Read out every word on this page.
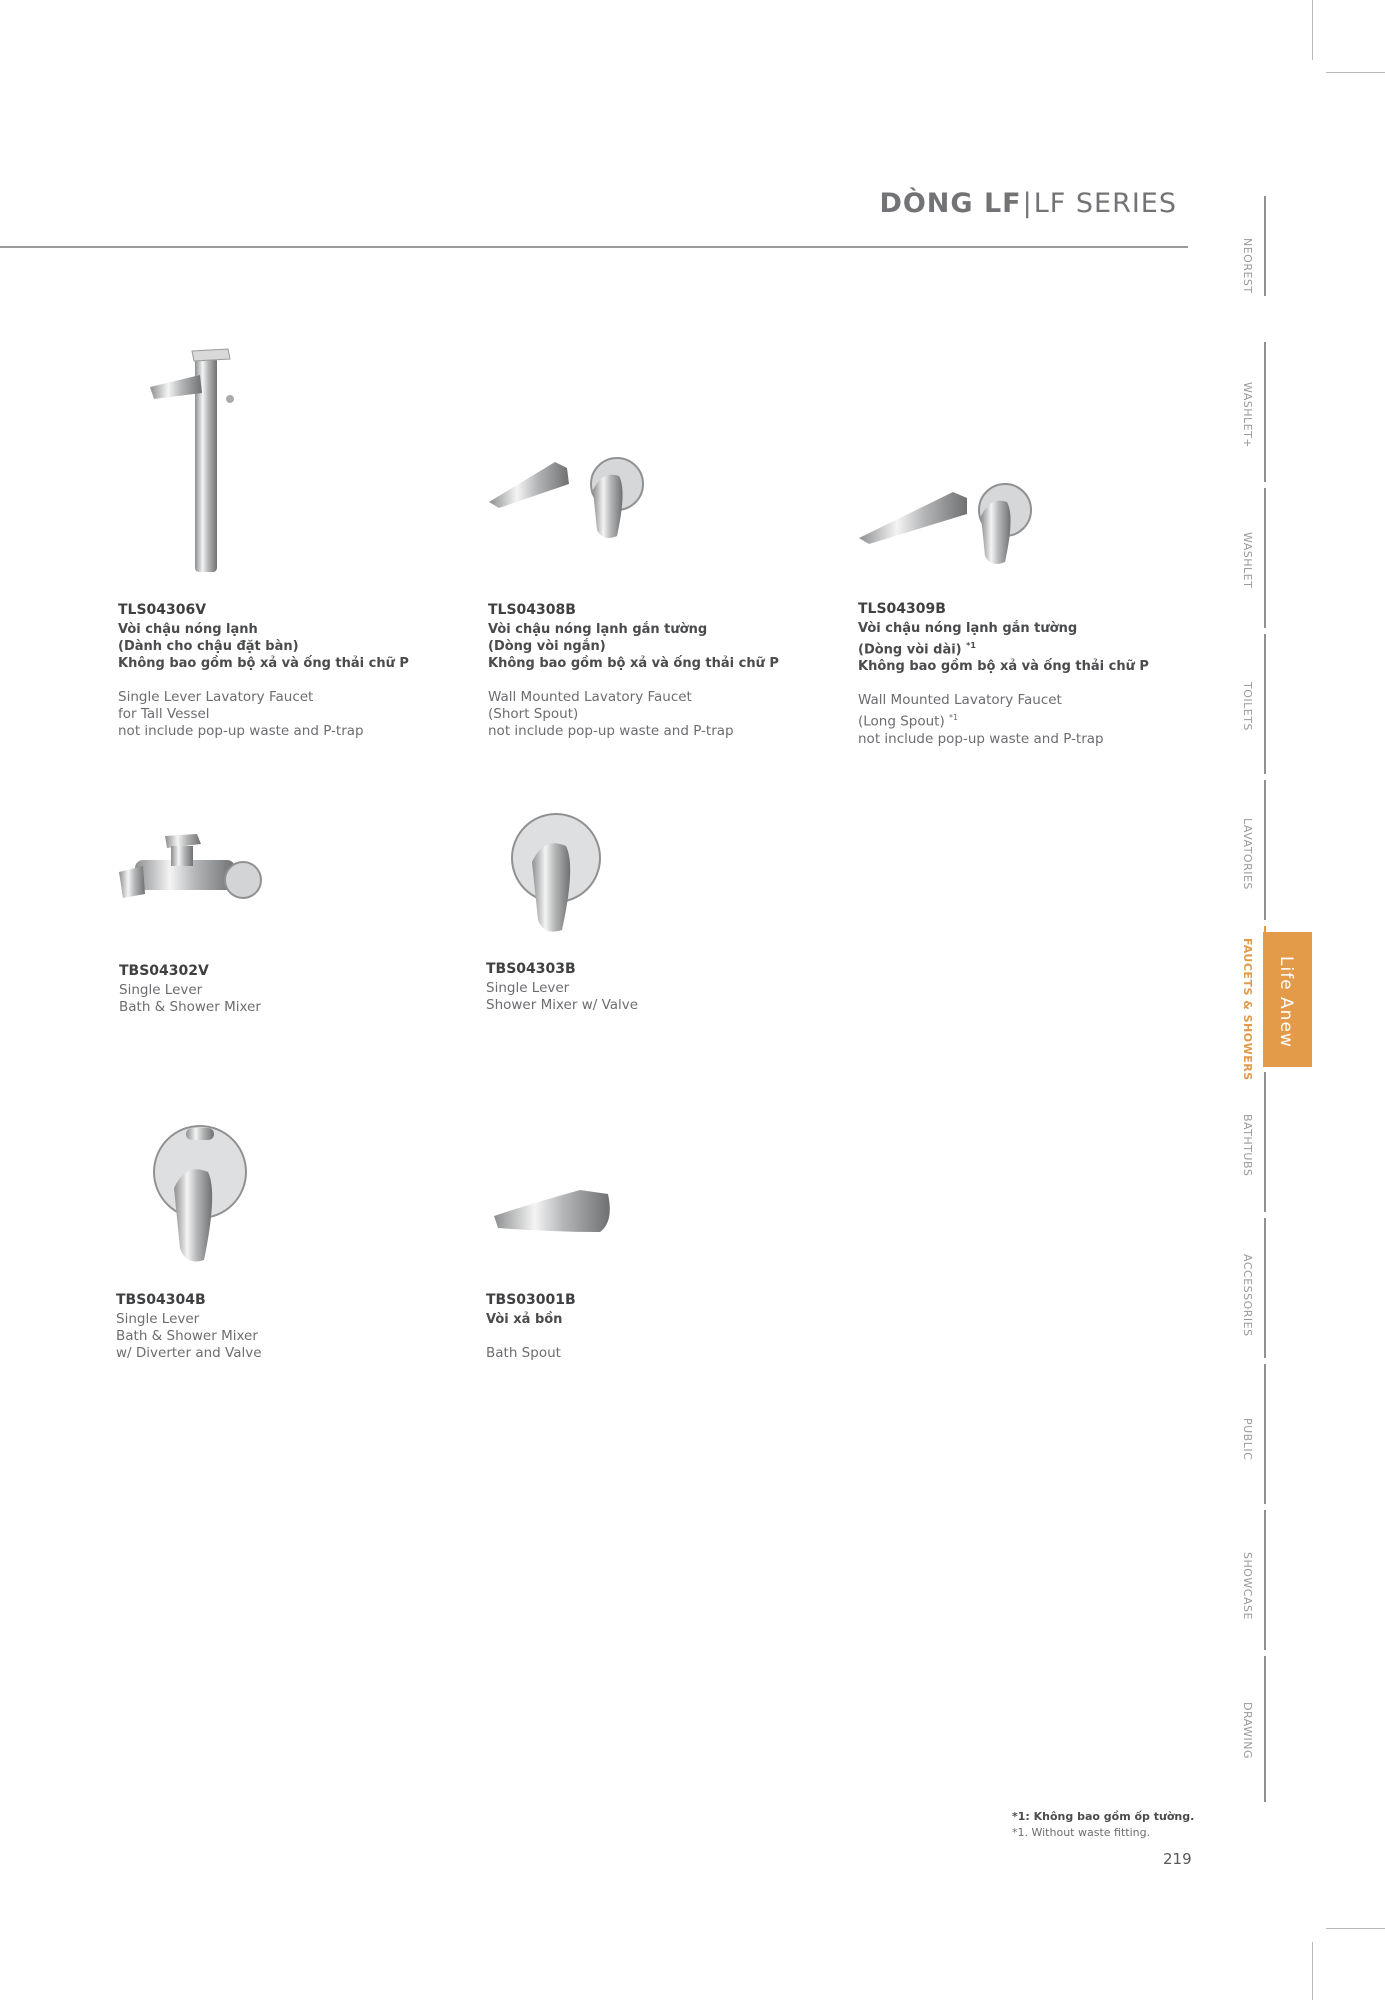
DÒNG LF|LF SERIES
TLS04306V
Vòi chậu nóng lạnh
(Dành cho chậu đặt bàn)
Không bao gồm bộ xả và ống thải chữ P
Single Lever Lavatory Faucet
for Tall Vessel
not include pop-up waste and P-trap
TLS04308B
Vòi chậu nóng lạnh gắn tường
(Dòng vòi ngắn)
Không bao gồm bộ xả và ống thải chữ P
Wall Mounted Lavatory Faucet
(Short Spout)
not include pop-up waste and P-trap
TLS04309B
Vòi chậu nóng lạnh gắn tường
(Dòng vòi dài) $^{*1}$
Không bao gồm bộ xả và ống thải chữ P
Wall Mounted Lavatory Faucet
(Long Spout) $^{*1}$
not include pop-up waste and P-trap
TBS04302V
Single Lever
Bath & Shower Mixer
TBS04303B
Single Lever
Shower Mixer w/ Valve
TBS04304B
Single Lever
Bath & Shower Mixer
w/ Diverter and Valve
TBS03001B
Vòi xả bồn
Bath Spout
NEOREST
WASHLET+
WASHLET
TOILETS
LAVATORIES
FAUCETS & SHOWERS
BATHTUBS
ACCESSORIES
PUBLIC
SHOWCASE
DRAWING
Life Anew
*1: Không bao gồm ốp tường.
*1. Without waste fitting.
219
